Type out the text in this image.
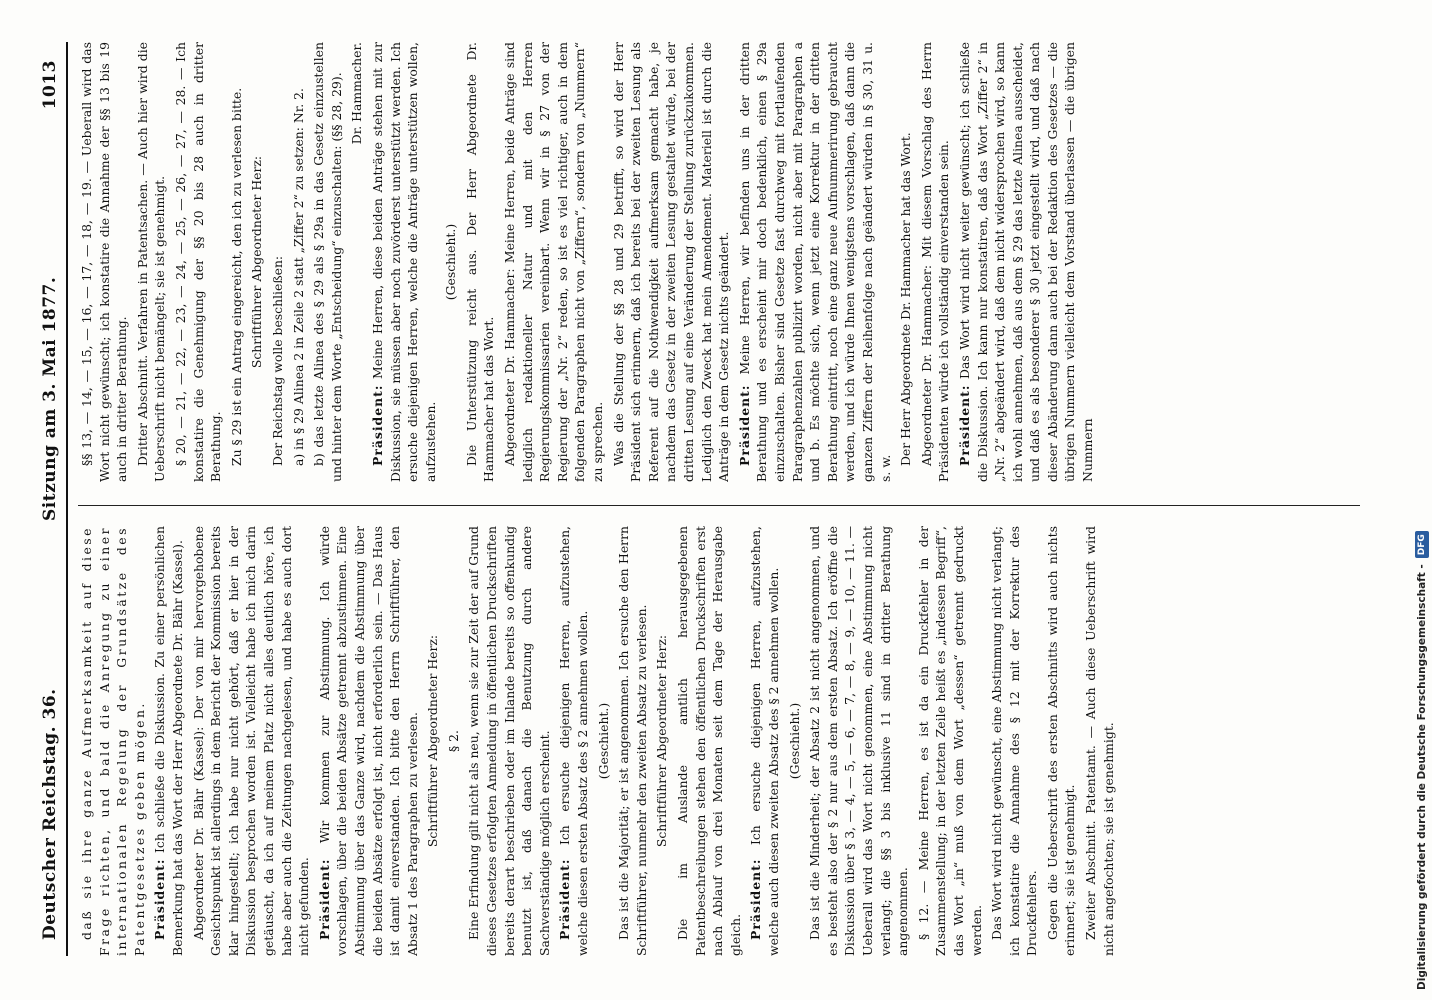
Deutscher Reichstag. 36.
Sitzung am 3. Mai 1877.
1013

daß sie ihre ganze Aufmerksamkeit auf diese Frage richten, und bald die Anregung zu einer internationalen Regelung der Grundsätze des Patentgesetzes geben mögen. Präsident: Ich schließe die Diskussion. Zu einer persönlichen Bemerkung hat das Wort der Herr Abgeordnete Dr. Bähr (Kassel). Abgeordneter Dr. Bähr (Kassel): Der von mir hervorgehobene Gesichtspunkt ist allerdings in dem Bericht der Kommission bereits klar hingestellt; ich habe nur nicht gehört, daß er hier in der Diskussion besprochen worden ist. Vielleicht habe ich mich darin getäuscht, da ich auf meinem Platz nicht alles deutlich höre, ich habe aber auch die Zeitungen nachgelesen, und habe es auch dort nicht gefunden. Präsident: Wir kommen zur Abstimmung. Ich würde vorschlagen, über die beiden Absätze getrennt abzustimmen. Eine Abstimmung über das Ganze wird, nachdem die Abstimmung über die beiden Absätze erfolgt ist, nicht erforderlich sein. — Das Haus ist damit einverstanden. Ich bitte den Herrn Schriftführer, den Absatz 1 des Paragraphen zu verlesen. Schriftführer Abgeordneter Herz: § 2. Eine Erfindung gilt nicht als neu, wenn sie zur Zeit der auf Grund dieses Gesetzes erfolgten Anmeldung in öffentlichen Druckschriften bereits derart beschrieben oder im Inlande bereits so offenkundig benutzt ist, daß danach die Benutzung durch andere Sachverständige möglich erscheint. Präsident: Ich ersuche diejenigen Herren, aufzustehen, welche diesen ersten Absatz des § 2 annehmen wollen. (Geschieht.) Das ist die Majorität; er ist angenommen. Ich ersuche den Herrn Schriftführer, nunmehr den zweiten Absatz zu verlesen. Schriftführer Abgeordneter Herz: Die im Auslande amtlich herausgegebenen Patentbeschreibungen stehen den öffentlichen Druckschriften erst nach Ablauf von drei Monaten seit dem Tage der Herausgabe gleich. Präsident: Ich ersuche diejenigen Herren, aufzustehen, welche auch diesen zweiten Absatz des § 2 annehmen wollen. (Geschieht.) Das ist die Minderheit; der Absatz 2 ist nicht angenommen, und es besteht also der § 2 nur aus dem ersten Absatz. Ich eröffne die Diskussion über § 3, — 4, — 5, — 6, — 7, — 8, — 9, — 10, — 11. — Ueberall wird das Wort nicht genommen, eine Abstimmung nicht verlangt; die §§ 3 bis inklusive 11 sind in dritter Berathung angenommen. § 12. — Meine Herren, es ist da ein Druckfehler in der Zusammenstellung; in der letzten Zeile heißt es „indessen Begriff“, das Wort „in“ muß von dem Wort „dessen“ getrennt gedruckt werden. Das Wort wird nicht gewünscht, eine Abstimmung nicht verlangt; ich konstatire die Annahme des § 12 mit der Korrektur des Druckfehlers. Gegen die Ueberschrift des ersten Abschnitts wird auch nichts erinnert; sie ist genehmigt. Zweiter Abschnitt. Patentamt. — Auch diese Ueberschrift wird nicht angefochten; sie ist genehmigt.

§§ 13, — 14, — 15, — 16, — 17, — 18, — 19. — Ueberall wird das Wort nicht gewünscht; ich konstatire die Annahme der §§ 13 bis 19 auch in dritter Berathung. Dritter Abschnitt. Verfahren in Patentsachen. — Auch hier wird die Ueberschrift nicht bemängelt; sie ist genehmigt. § 20, — 21, — 22, — 23, — 24, — 25, — 26, — 27, — 28. — Ich konstatire die Genehmigung der §§ 20 bis 28 auch in dritter Berathung. Zu § 29 ist ein Antrag eingereicht, den ich zu verlesen bitte. Schriftführer Abgeordneter Herz: Der Reichstag wolle beschließen: a) in § 29 Alinea 2 in Zeile 2 statt „Ziffer 2“ zu setzen: Nr. 2. b) das letzte Alinea des § 29 als § 29a in das Gesetz einzustellen und hinter dem Worte „Entscheidung“ einzuschalten: (§§ 28, 29). Dr. Hammacher.

Präsident: Meine Herren, diese beiden Anträge stehen mit zur Diskussion, sie müssen aber noch zuvörderst unterstützt werden. Ich ersuche diejenigen Herren, welche die Anträge unterstützen wollen, aufzustehen.

(Geschieht.) Die Unterstützung reicht aus. Der Herr Abgeordnete Dr. Hammacher hat das Wort. Abgeordneter Dr. Hammacher: Meine Herren, beide Anträge sind lediglich redaktioneller Natur und mit den Herren Regierungskommissarien vereinbart. Wenn wir in § 27 von der Regierung der „Nr. 2“ reden, so ist es viel richtiger, auch in dem folgenden Paragraphen nicht von „Ziffern“, sondern von „Nummern“ zu sprechen. Was die Stellung der §§ 28 und 29 betrifft, so wird der Herr Präsident sich erinnern, daß ich bereits bei der zweiten Lesung als Referent auf die Nothwendigkeit aufmerksam gemacht habe, je nachdem das Gesetz in der zweiten Lesung gestaltet würde, bei der dritten Lesung auf eine Veränderung der Stellung zurückzukommen. Lediglich den Zweck hat mein Amendement. Materiell ist durch die Anträge in dem Gesetz nichts geändert. Präsident: Meine Herren, wir befinden uns in der dritten Berathung und es erscheint mir doch bedenklich, einen § 29a einzuschalten. Bisher sind Gesetze fast durchweg mit fortlaufenden Paragraphenzahlen publizirt worden, nicht aber mit Paragraphen a und b. Es möchte sich, wenn jetzt eine Korrektur in der dritten Berathung eintritt, noch eine ganz neue Aufnummerirung gebraucht werden, und ich würde Ihnen wenigstens vorschlagen, daß dann die ganzen Ziffern der Reihenfolge nach geändert würden in § 30, 31 u. s. w.

Der Herr Abgeordnete Dr. Hammacher hat das Wort. Abgeordneter Dr. Hammacher: Mit diesem Vorschlag des Herrn Präsidenten würde ich vollständig einverstanden sein. Präsident: Das Wort wird nicht weiter gewünscht; ich schließe die Diskussion. Ich kann nur konstatiren, daß das Wort „Ziffer 2“ in „Nr. 2“ abgeändert wird, daß dem nicht widersprochen wird, so kann ich wohl annehmen, daß aus dem § 29 das letzte Alinea ausscheidet, und daß es als besonderer § 30 jetzt eingestellt wird, und daß nach dieser Abänderung dann auch bei der Redaktion des Gesetzes — die übrigen Nummern vielleicht dem Vorstand überlassen — die übrigen Nummern

Digitalisierung gefördert durch die Deutsche Forschungsgemeinschaft -
DFG
